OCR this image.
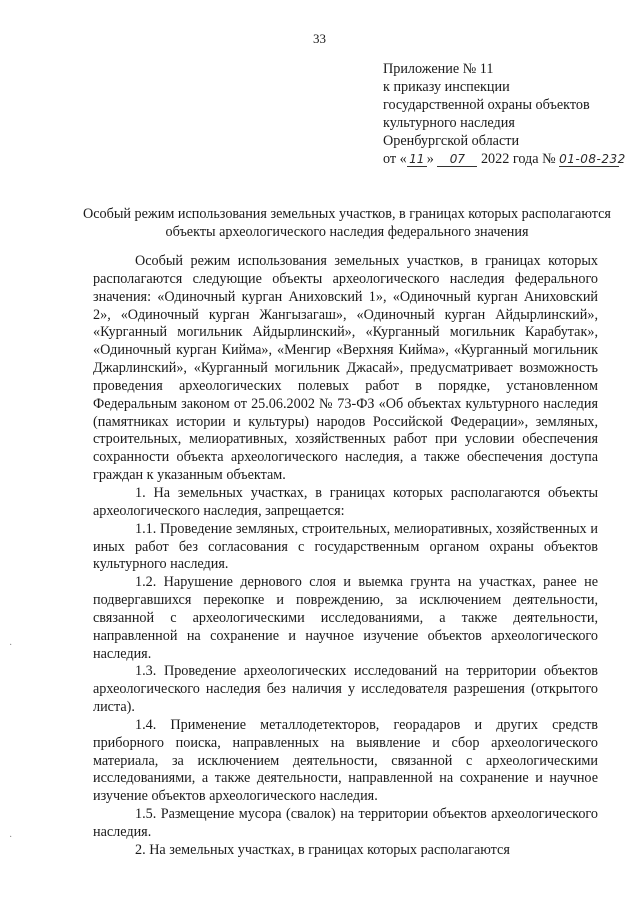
33
Приложение № 11
к приказу инспекции
государственной охраны объектов
культурного наследия
Оренбургской области
от « 11 » 07 2022 года № 01-08-232
Особый режим использования земельных участков, в границах которых располагаются объекты археологического наследия федерального значения

Особый режим использования земельных участков, в границах которых располагаются следующие объекты археологического наследия федерального значения: «Одиночный курган Аниховский 1», «Одиночный курган Аниховский 2», «Одиночный курган Жангызагаш», «Одиночный курган Айдырлинский», «Курганный могильник Айдырлинский», «Курганный могильник Карабутак», «Одиночный курган Кийма», «Менгир «Верхняя Кийма», «Курганный могильник Джарлинский», «Курганный могильник Джасай», предусматривает возможность проведения археологических полевых работ в порядке, установленном Федеральным законом от 25.06.2002 № 73-ФЗ «Об объектах культурного наследия (памятниках истории и культуры) народов Российской Федерации», земляных, строительных, мелиоративных, хозяйственных работ при условии обеспечения сохранности объекта археологического наследия, а также обеспечения доступа граждан к указанным объектам.

1. На земельных участках, в границах которых располагаются объекты археологического наследия, запрещается:

1.1. Проведение земляных, строительных, мелиоративных, хозяйственных и иных работ без согласования с государственным органом охраны объектов культурного наследия.

1.2. Нарушение дернового слоя и выемка грунта на участках, ранее не подвергавшихся перекопке и повреждению, за исключением деятельности, связанной с археологическими исследованиями, а также деятельности, направленной на сохранение и научное изучение объектов археологического наследия.

1.3. Проведение археологических исследований на территории объектов археологического наследия без наличия у исследователя разрешения (открытого листа).

1.4. Применение металлодетекторов, георадаров и других средств приборного поиска, направленных на выявление и сбор археологического материала, за исключением деятельности, связанной с археологическими исследованиями, а также деятельности, направленной на сохранение и научное изучение объектов археологического наследия.

1.5. Размещение мусора (свалок) на территории объектов археологического наследия.

2. На земельных участках, в границах которых располагаются

·
·
